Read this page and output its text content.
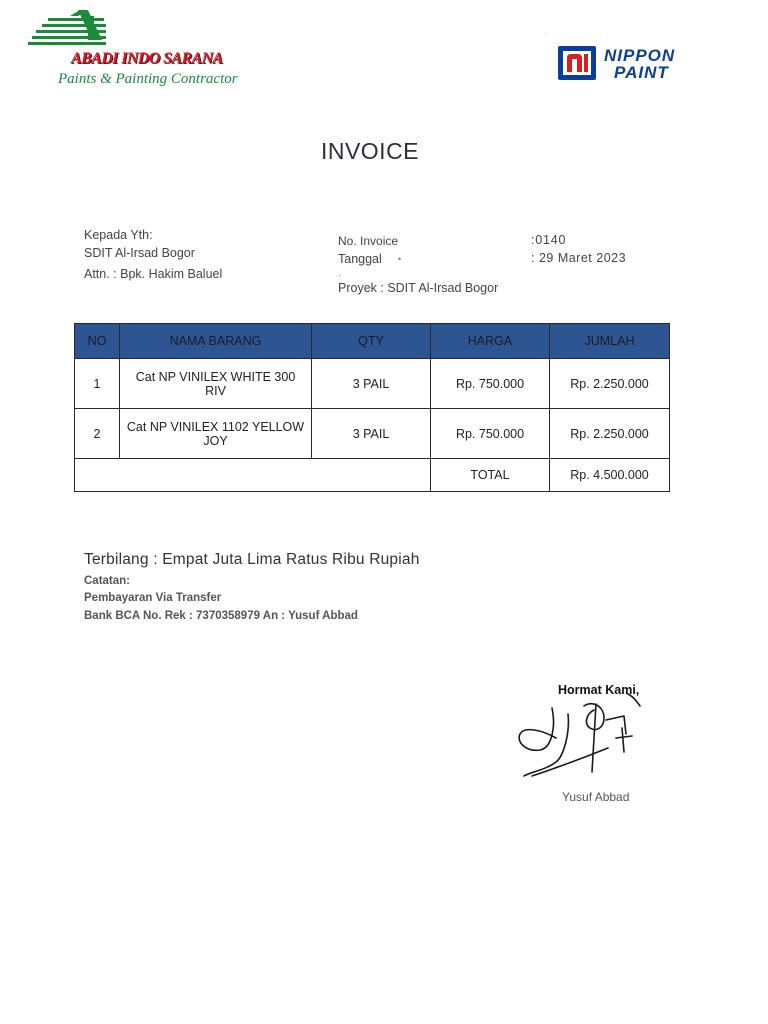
ABADI INDO SARANA
Paints & Painting Contractor
NIPPON
PAINT
INVOICE
Kepada Yth:
SDIT Al-Irsad Bogor
Attn. : Bpk. Hakim Baluel
No. Invoice	:0140
Tanggal •	: 29 Maret 2023
.
Proyek : SDIT Al-Irsad Bogor
NO	NAMA BARANG	QTY	HARGA	JUMLAH
1	Cat NP VINILEX WHITE 300 RIV	3 PAIL	Rp. 750.000	Rp. 2.250.000
2	Cat NP VINILEX 1102 YELLOW JOY	3 PAIL	Rp. 750.000	Rp. 2.250.000
			TOTAL	Rp. 4.500.000
Terbilang : Empat Juta Lima Ratus Ribu Rupiah
Catatan:
Pembayaran Via Transfer
Bank BCA No. Rek : 7370358979 An : Yusuf Abbad
Hormat Kami,
Yusuf Abbad
